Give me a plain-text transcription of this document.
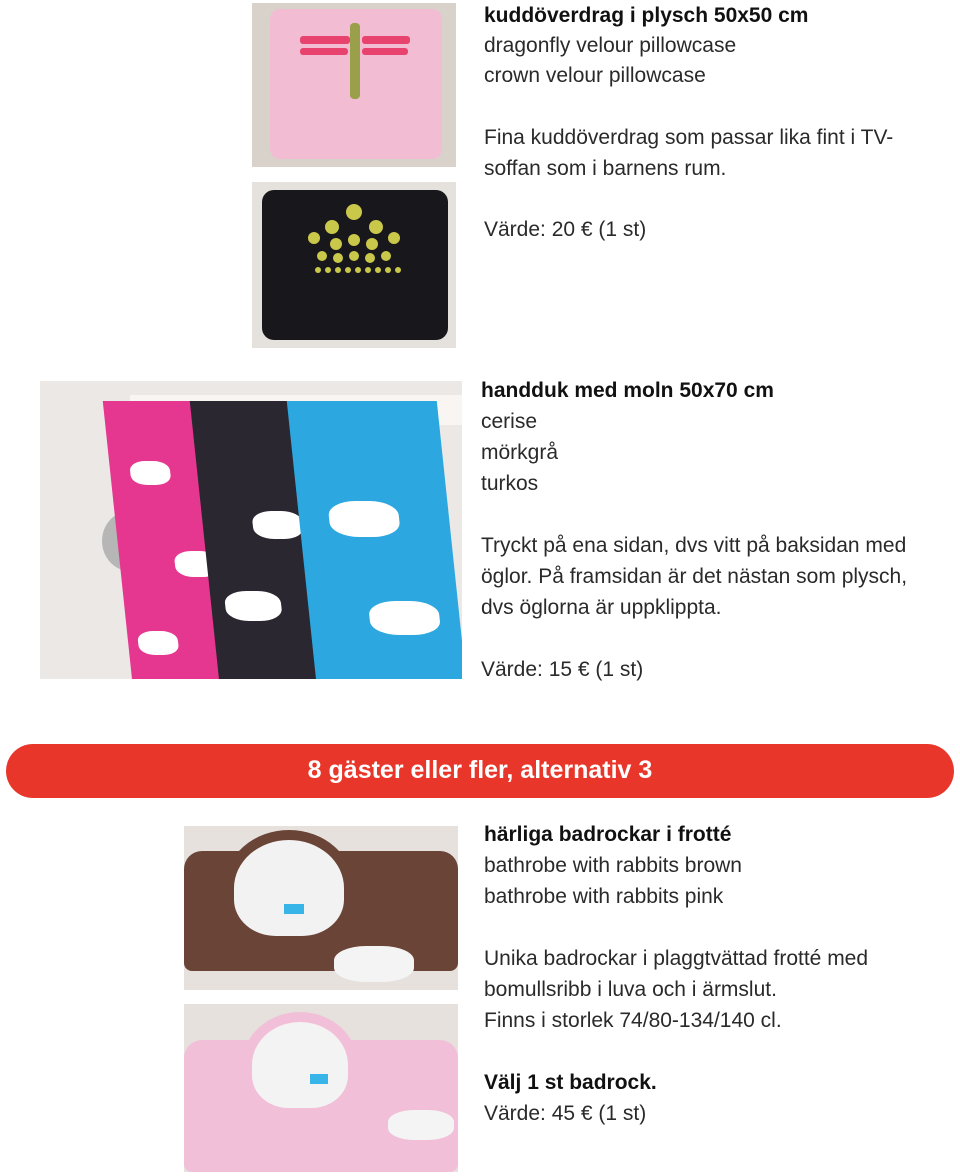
kuddöverdrag i plysch 50x50 cm
dragonfly velour pillowcase
crown velour pillowcase
Fina kuddöverdrag som passar lika fint i TV-
soffan som i barnens rum.
Värde: 20 € (1 st)
handduk med moln 50x70 cm
cerise
mörkgrå
turkos
Tryckt på ena sidan, dvs vitt på baksidan med
öglor. På framsidan är det nästan som plysch,
dvs öglorna är uppklippta.
Värde: 15 € (1 st)
8 gäster eller fler, alternativ 3
härliga badrockar i frotté
bathrobe with rabbits brown
bathrobe with rabbits pink
Unika badrockar i plaggtvättad frotté med
bomullsribb i luva och i ärmslut.
Finns i storlek 74/80-134/140 cl.
Välj 1 st badrock.
Värde: 45 € (1 st)
